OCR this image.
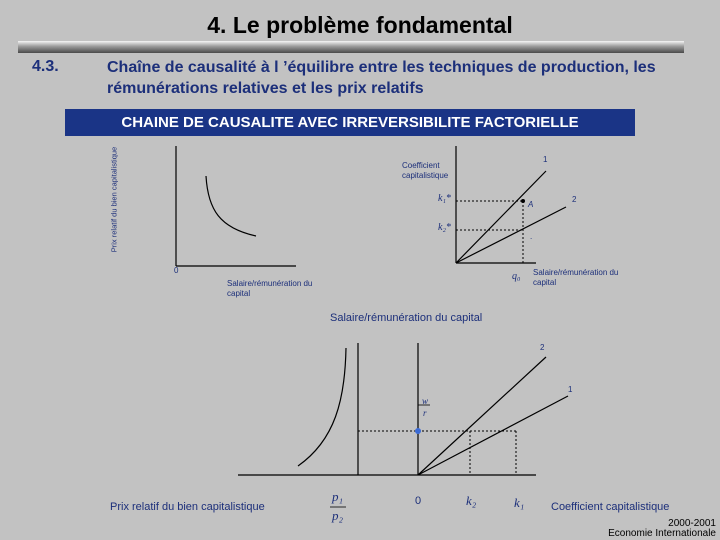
4. Le problème fondamental
4.3.	Chaîne de causalité à l ’équilibre entre les techniques de production, les rémunérations relatives et les prix relatifs
CHAINE DE CAUSALITE AVEC IRREVERSIBILITE FACTORIELLE
Prix relatif du bien capitalistique
0
Salaire/rémunération du capital
Coefficient capitalistique
1
2
k₁*
k₂*
A
.
q₀ Salaire/rémunération du capital
Salaire/rémunération du capital
2
1
w
r
Prix relatif du bien capitalistique
p₁
p₂
0	k₂	k₁ Coefficient capitalistique
2000-2001
Economie Internationale
